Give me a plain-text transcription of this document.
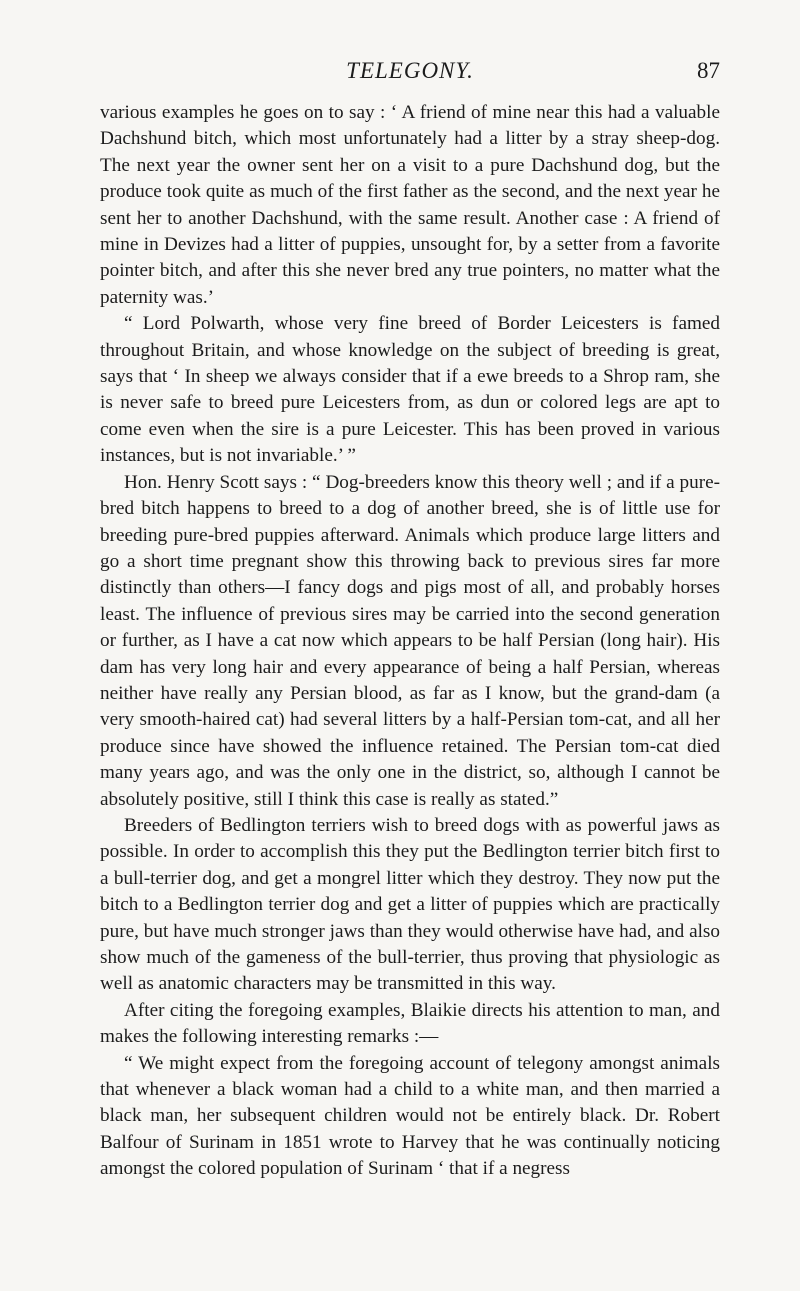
TELEGONY.	87

various examples he goes on to say : ‘ A friend of mine near this had a valuable Dachshund bitch, which most unfortunately had a litter by a stray sheep-dog. The next year the owner sent her on a visit to a pure Dachshund dog, but the produce took quite as much of the first father as the second, and the next year he sent her to another Dachshund, with the same result. Another case : A friend of mine in Devizes had a litter of puppies, unsought for, by a setter from a favorite pointer bitch, and after this she never bred any true pointers, no matter what the paternity was.’

“ Lord Polwarth, whose very fine breed of Border Leicesters is famed throughout Britain, and whose knowledge on the subject of breeding is great, says that ‘ In sheep we always consider that if a ewe breeds to a Shrop ram, she is never safe to breed pure Leicesters from, as dun or colored legs are apt to come even when the sire is a pure Leicester. This has been proved in various instances, but is not invariable.’ ”

Hon. Henry Scott says : “ Dog-breeders know this theory well ; and if a pure-bred bitch happens to breed to a dog of another breed, she is of little use for breeding pure-bred puppies afterward. Animals which produce large litters and go a short time pregnant show this throwing back to previous sires far more distinctly than others—I fancy dogs and pigs most of all, and probably horses least. The influence of previous sires may be carried into the second generation or further, as I have a cat now which appears to be half Persian (long hair). His dam has very long hair and every appearance of being a half Persian, whereas neither have really any Persian blood, as far as I know, but the grand-dam (a very smooth-haired cat) had several litters by a half-Persian tom-cat, and all her produce since have showed the influence retained. The Persian tom-cat died many years ago, and was the only one in the district, so, although I cannot be absolutely positive, still I think this case is really as stated.”

Breeders of Bedlington terriers wish to breed dogs with as powerful jaws as possible. In order to accomplish this they put the Bedlington terrier bitch first to a bull-terrier dog, and get a mongrel litter which they destroy. They now put the bitch to a Bedlington terrier dog and get a litter of puppies which are practically pure, but have much stronger jaws than they would otherwise have had, and also show much of the gameness of the bull-terrier, thus proving that physiologic as well as anatomic characters may be transmitted in this way.

After citing the foregoing examples, Blaikie directs his attention to man, and makes the following interesting remarks :—

“ We might expect from the foregoing account of telegony amongst animals that whenever a black woman had a child to a white man, and then married a black man, her subsequent children would not be entirely black. Dr. Robert Balfour of Surinam in 1851 wrote to Harvey that he was continually noticing amongst the colored population of Surinam ‘ that if a negress
